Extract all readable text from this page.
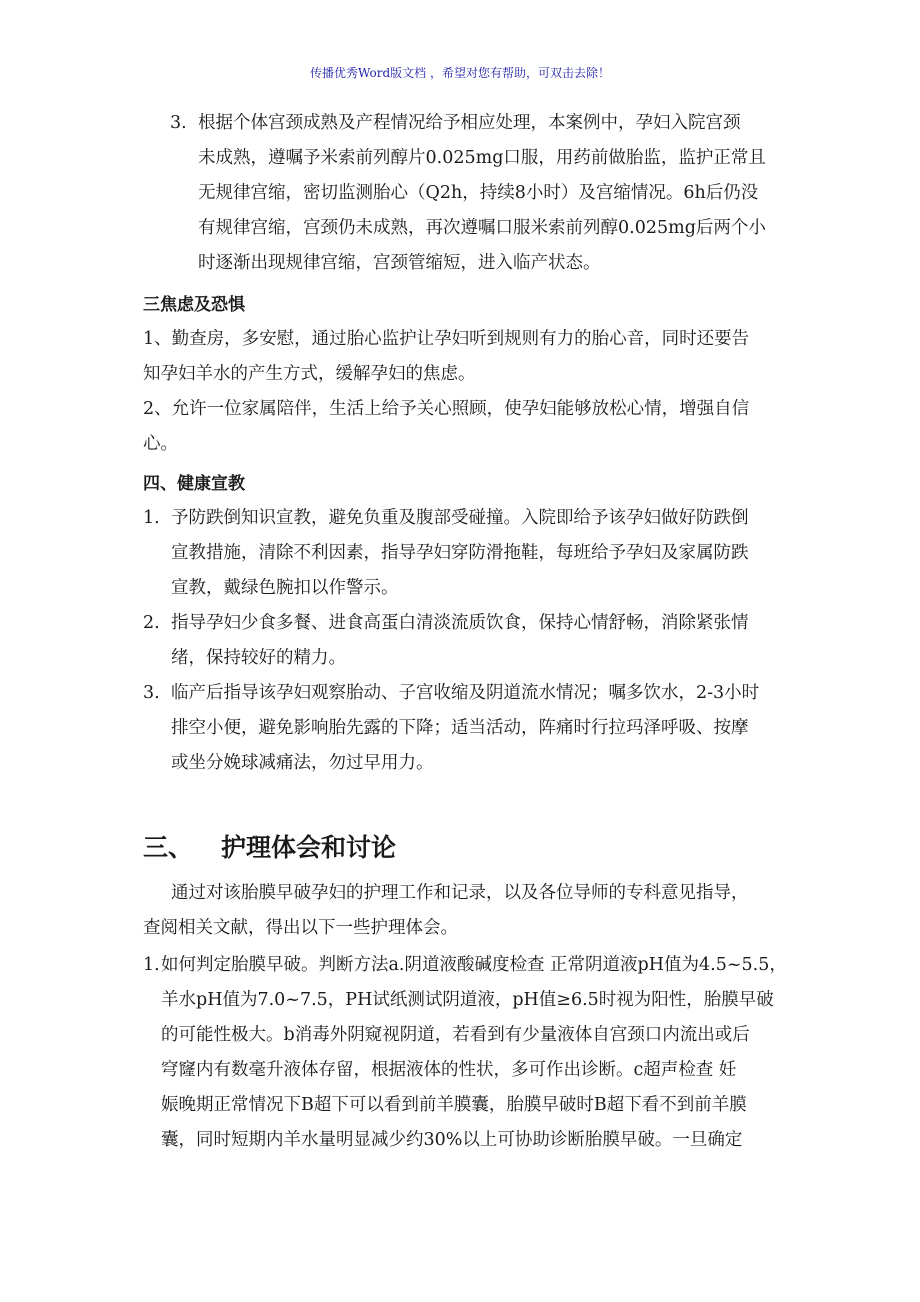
传播优秀Word版文档 ，希望对您有帮助，可双击去除！
3. 根据个体宫颈成熟及产程情况给予相应处理，本案例中，孕妇入院宫颈
未成熟，遵嘱予米索前列醇片0.025mg口服，用药前做胎监，监护正常且
无规律宫缩，密切监测胎心（Q2h，持续8小时）及宫缩情况。6h后仍没
有规律宫缩，宫颈仍未成熟，再次遵嘱口服米索前列醇0.025mg后两个小
时逐渐出现规律宫缩，宫颈管缩短，进入临产状态。
三焦虑及恐惧
1、勤查房，多安慰，通过胎心监护让孕妇听到规则有力的胎心音，同时还要告
知孕妇羊水的产生方式，缓解孕妇的焦虑。
2、允许一位家属陪伴，生活上给予关心照顾，使孕妇能够放松心情，增强自信
心。
四、健康宣教
1. 予防跌倒知识宣教，避免负重及腹部受碰撞。入院即给予该孕妇做好防跌倒
宣教措施，清除不利因素，指导孕妇穿防滑拖鞋，每班给予孕妇及家属防跌
宣教，戴绿色腕扣以作警示。
2. 指导孕妇少食多餐、进食高蛋白清淡流质饮食，保持心情舒畅，消除紧张情
绪，保持较好的精力。
3. 临产后指导该孕妇观察胎动、子宫收缩及阴道流水情况；嘱多饮水，2-3小时
排空小便，避免影响胎先露的下降；适当活动，阵痛时行拉玛泽呼吸、按摩
或坐分娩球减痛法，勿过早用力。
三、 护理体会和讨论
通过对该胎膜早破孕妇的护理工作和记录，以及各位导师的专科意见指导，
查阅相关文献，得出以下一些护理体会。
1.如何判定胎膜早破。判断方法a.阴道液酸碱度检查 正常阴道液pH值为4.5~5.5，
羊水pH值为7.0~7.5，PH试纸测试阴道液，pH值≥6.5时视为阳性，胎膜早破
的可能性极大。b消毒外阴窥视阴道，若看到有少量液体自宫颈口内流出或后
穹窿内有数毫升液体存留，根据液体的性状，多可作出诊断。c超声检查 妊
娠晚期正常情况下B超下可以看到前羊膜囊，胎膜早破时B超下看不到前羊膜
囊，同时短期内羊水量明显减少约30%以上可协助诊断胎膜早破。一旦确定
